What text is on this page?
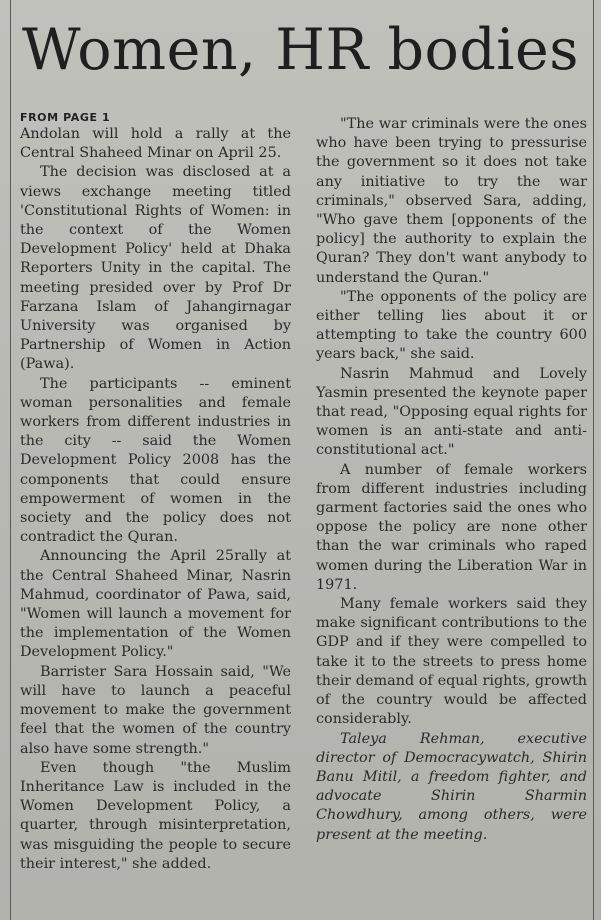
Women, HR bodies
FROM PAGE 1

Andolan will hold a rally at the Central Shaheed Minar on April 25.

The decision was disclosed at a views exchange meeting titled 'Constitutional Rights of Women: in the context of the Women Development Policy' held at Dhaka Reporters Unity in the capital. The meeting presided over by Prof Dr Farzana Islam of Jahangirnagar University was organised by Partnership of Women in Action (Pawa).

The participants -- eminent woman personalities and female workers from different industries in the city -- said the Women Development Policy 2008 has the components that could ensure empowerment of women in the society and the policy does not contradict the Quran.

Announcing the April 25rally at the Central Shaheed Minar, Nasrin Mahmud, coordinator of Pawa, said, "Women will launch a movement for the implementation of the Women Development Policy."

Barrister Sara Hossain said, "We will have to launch a peaceful movement to make the government feel that the women of the country also have some strength."

Even though "the Muslim Inheritance Law is included in the Women Development Policy, a quarter, through misinterpretation, was misguiding the people to secure their interest," she added.

"The war criminals were the ones who have been trying to pressurise the government so it does not take any initiative to try the war criminals," observed Sara, adding, "Who gave them [opponents of the policy] the authority to explain the Quran? They don't want anybody to understand the Quran."

"The opponents of the policy are either telling lies about it or attempting to take the country 600 years back," she said.

Nasrin Mahmud and Lovely Yasmin presented the keynote paper that read, "Opposing equal rights for women is an anti-state and anti-constitutional act."

A number of female workers from different industries including garment factories said the ones who oppose the policy are none other than the war criminals who raped women during the Liberation War in 1971.

Many female workers said they make significant contributions to the GDP and if they were compelled to take it to the streets to press home their demand of equal rights, growth of the country would be affected considerably.

Taleya Rehman, executive director of Democracywatch, Shirin Banu Mitil, a freedom fighter, and advocate Shirin Sharmin Chowdhury, among others, were present at the meeting.
